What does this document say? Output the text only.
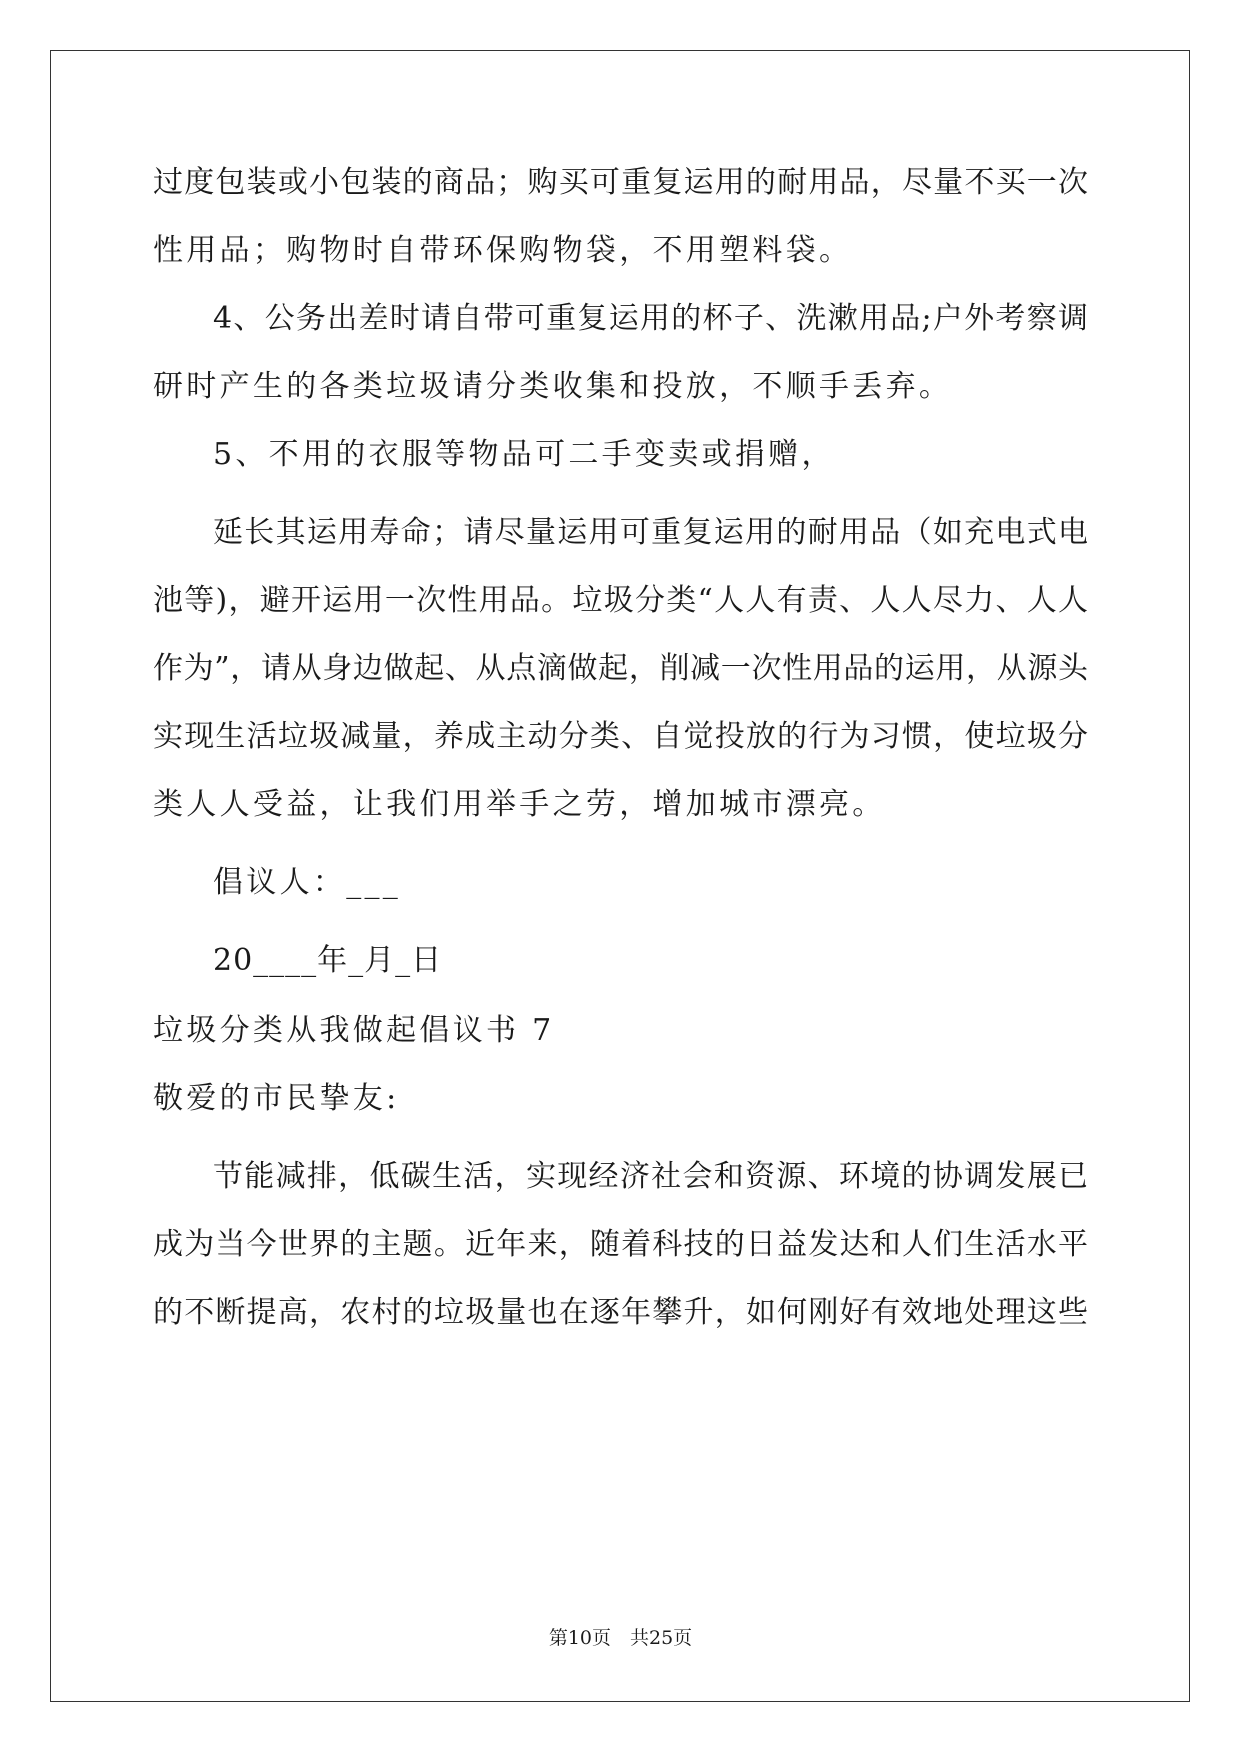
过度包装或小包装的商品；购买可重复运用的耐用品，尽量不买一次
性用品；购物时自带环保购物袋，不用塑料袋。
4、公务出差时请自带可重复运用的杯子、洗漱用品;户外考察调
研时产生的各类垃圾请分类收集和投放，不顺手丢弃。
5、不用的衣服等物品可二手变卖或捐赠，
延长其运用寿命；请尽量运用可重复运用的耐用品（如充电式电
池等)，避开运用一次性用品。垃圾分类“人人有责、人人尽力、人人
作为”，请从身边做起、从点滴做起，削减一次性用品的运用，从源头
实现生活垃圾减量，养成主动分类、自觉投放的行为习惯，使垃圾分
类人人受益，让我们用举手之劳，增加城市漂亮。
倡议人：___
20____年_月_日
垃圾分类从我做起倡议书 7
敬爱的市民挚友:
节能减排，低碳生活，实现经济社会和资源、环境的协调发展已
成为当今世界的主题。近年来，随着科技的日益发达和人们生活水平
的不断提高，农村的垃圾量也在逐年攀升，如何刚好有效地处理这些
第10页　共25页
